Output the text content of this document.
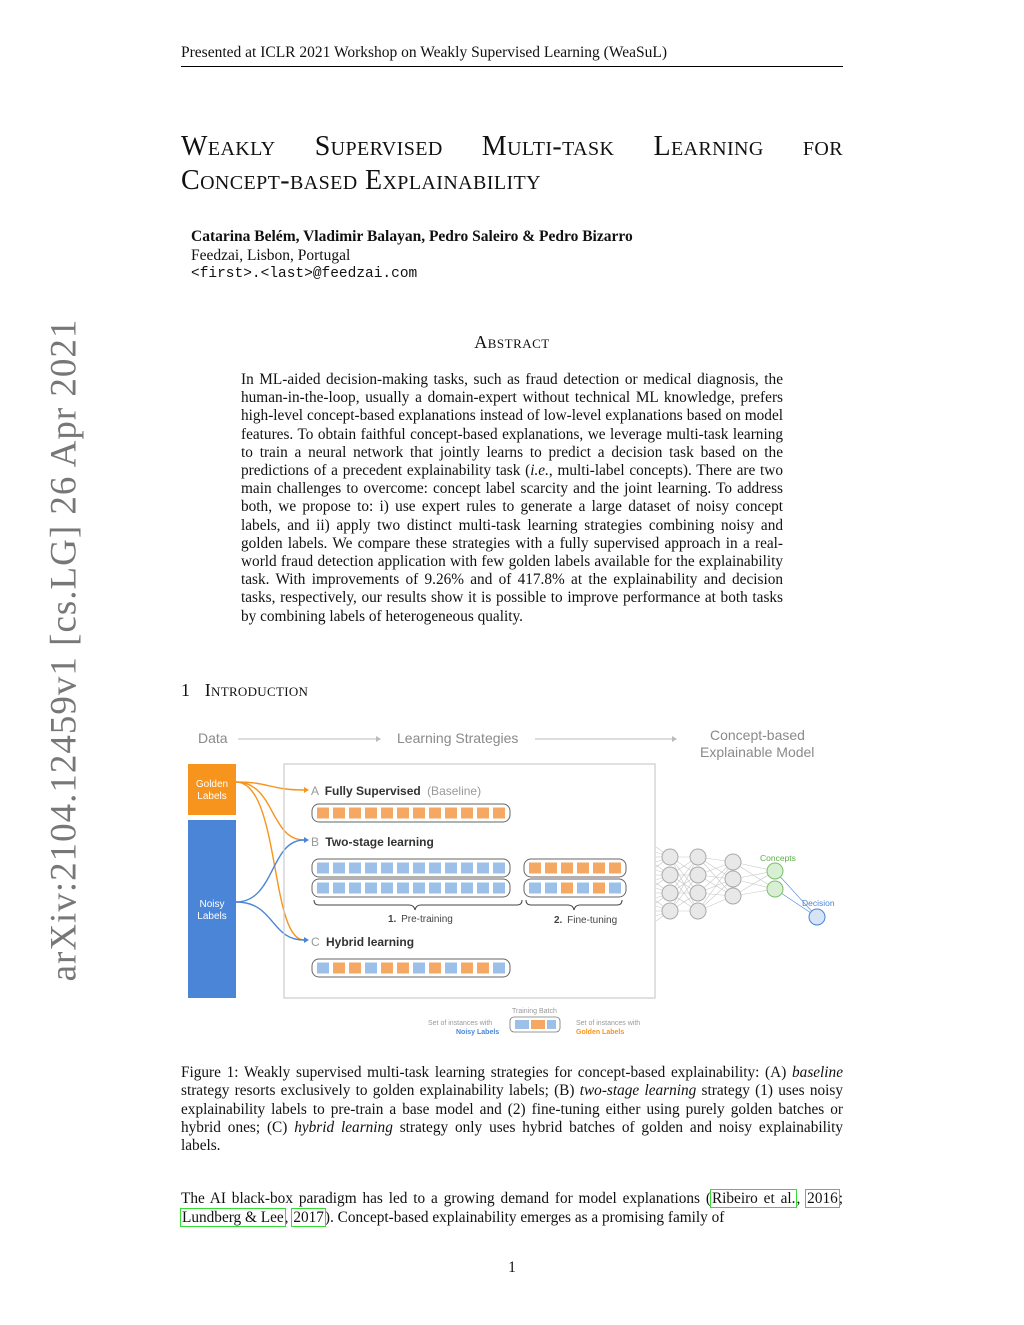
Presented at ICLR 2021 Workshop on Weakly Supervised Learning (WeaSuL)
Weakly Supervised Multi-task Learning for
Concept-based Explainability
Catarina Belém, Vladimir Balayan, Pedro Saleiro & Pedro Bizarro
Feedzai, Lisbon, Portugal
<first>.<last>@feedzai.com
arXiv:2104.12459v1 [cs.LG] 26 Apr 2021	Abstract
In ML-aided decision-making tasks, such as fraud detection or medical diagnosis, the human-in-the-loop, usually a domain-expert without technical ML knowledge, prefers high-level concept-based explanations instead of low-level explanations based on model features. To obtain faithful concept-based explanations, we leverage multi-task learning to train a neural network that jointly learns to predict a decision task based on the predictions of a precedent explainability task (i.e., multi-label concepts). There are two main challenges to overcome: concept label scarcity and the joint learning. To address both, we propose to: i) use expert rules to generate a large dataset of noisy concept labels, and ii) apply two distinct multi-task learning strategies combining noisy and golden labels. We compare these strategies with a fully supervised approach in a real-world fraud detection application with few golden labels available for the explainability task. With improvements of 9.26% and of 417.8% at the explainability and decision tasks, respectively, our results show it is possible to improve performance at both tasks by combining labels of heterogeneous quality.
1 Introduction
Data	Learning Strategies	Concept-based
Explainable Model
Golden
Labels
Noisy
Labels
A Fully Supervised (Baseline)
B Two-stage learning
1. Pre-training	2. Fine-tuning
C Hybrid learning
Concepts
Decision
Training Batch
Set of instances with
Noisy Labels
Set of instances with
Golden Labels
Figure 1: Weakly supervised multi-task learning strategies for concept-based explainability: (A) baseline strategy resorts exclusively to golden explainability labels; (B) two-stage learning strategy (1) uses noisy explainability labels to pre-train a base model and (2) fine-tuning either using purely golden batches or hybrid ones; (C) hybrid learning strategy only uses hybrid batches of golden and noisy explainability labels.
The AI black-box paradigm has led to a growing demand for model explanations (Ribeiro et al., 2016; Lundberg & Lee, 2017). Concept-based explainability emerges as a promising family of
1
